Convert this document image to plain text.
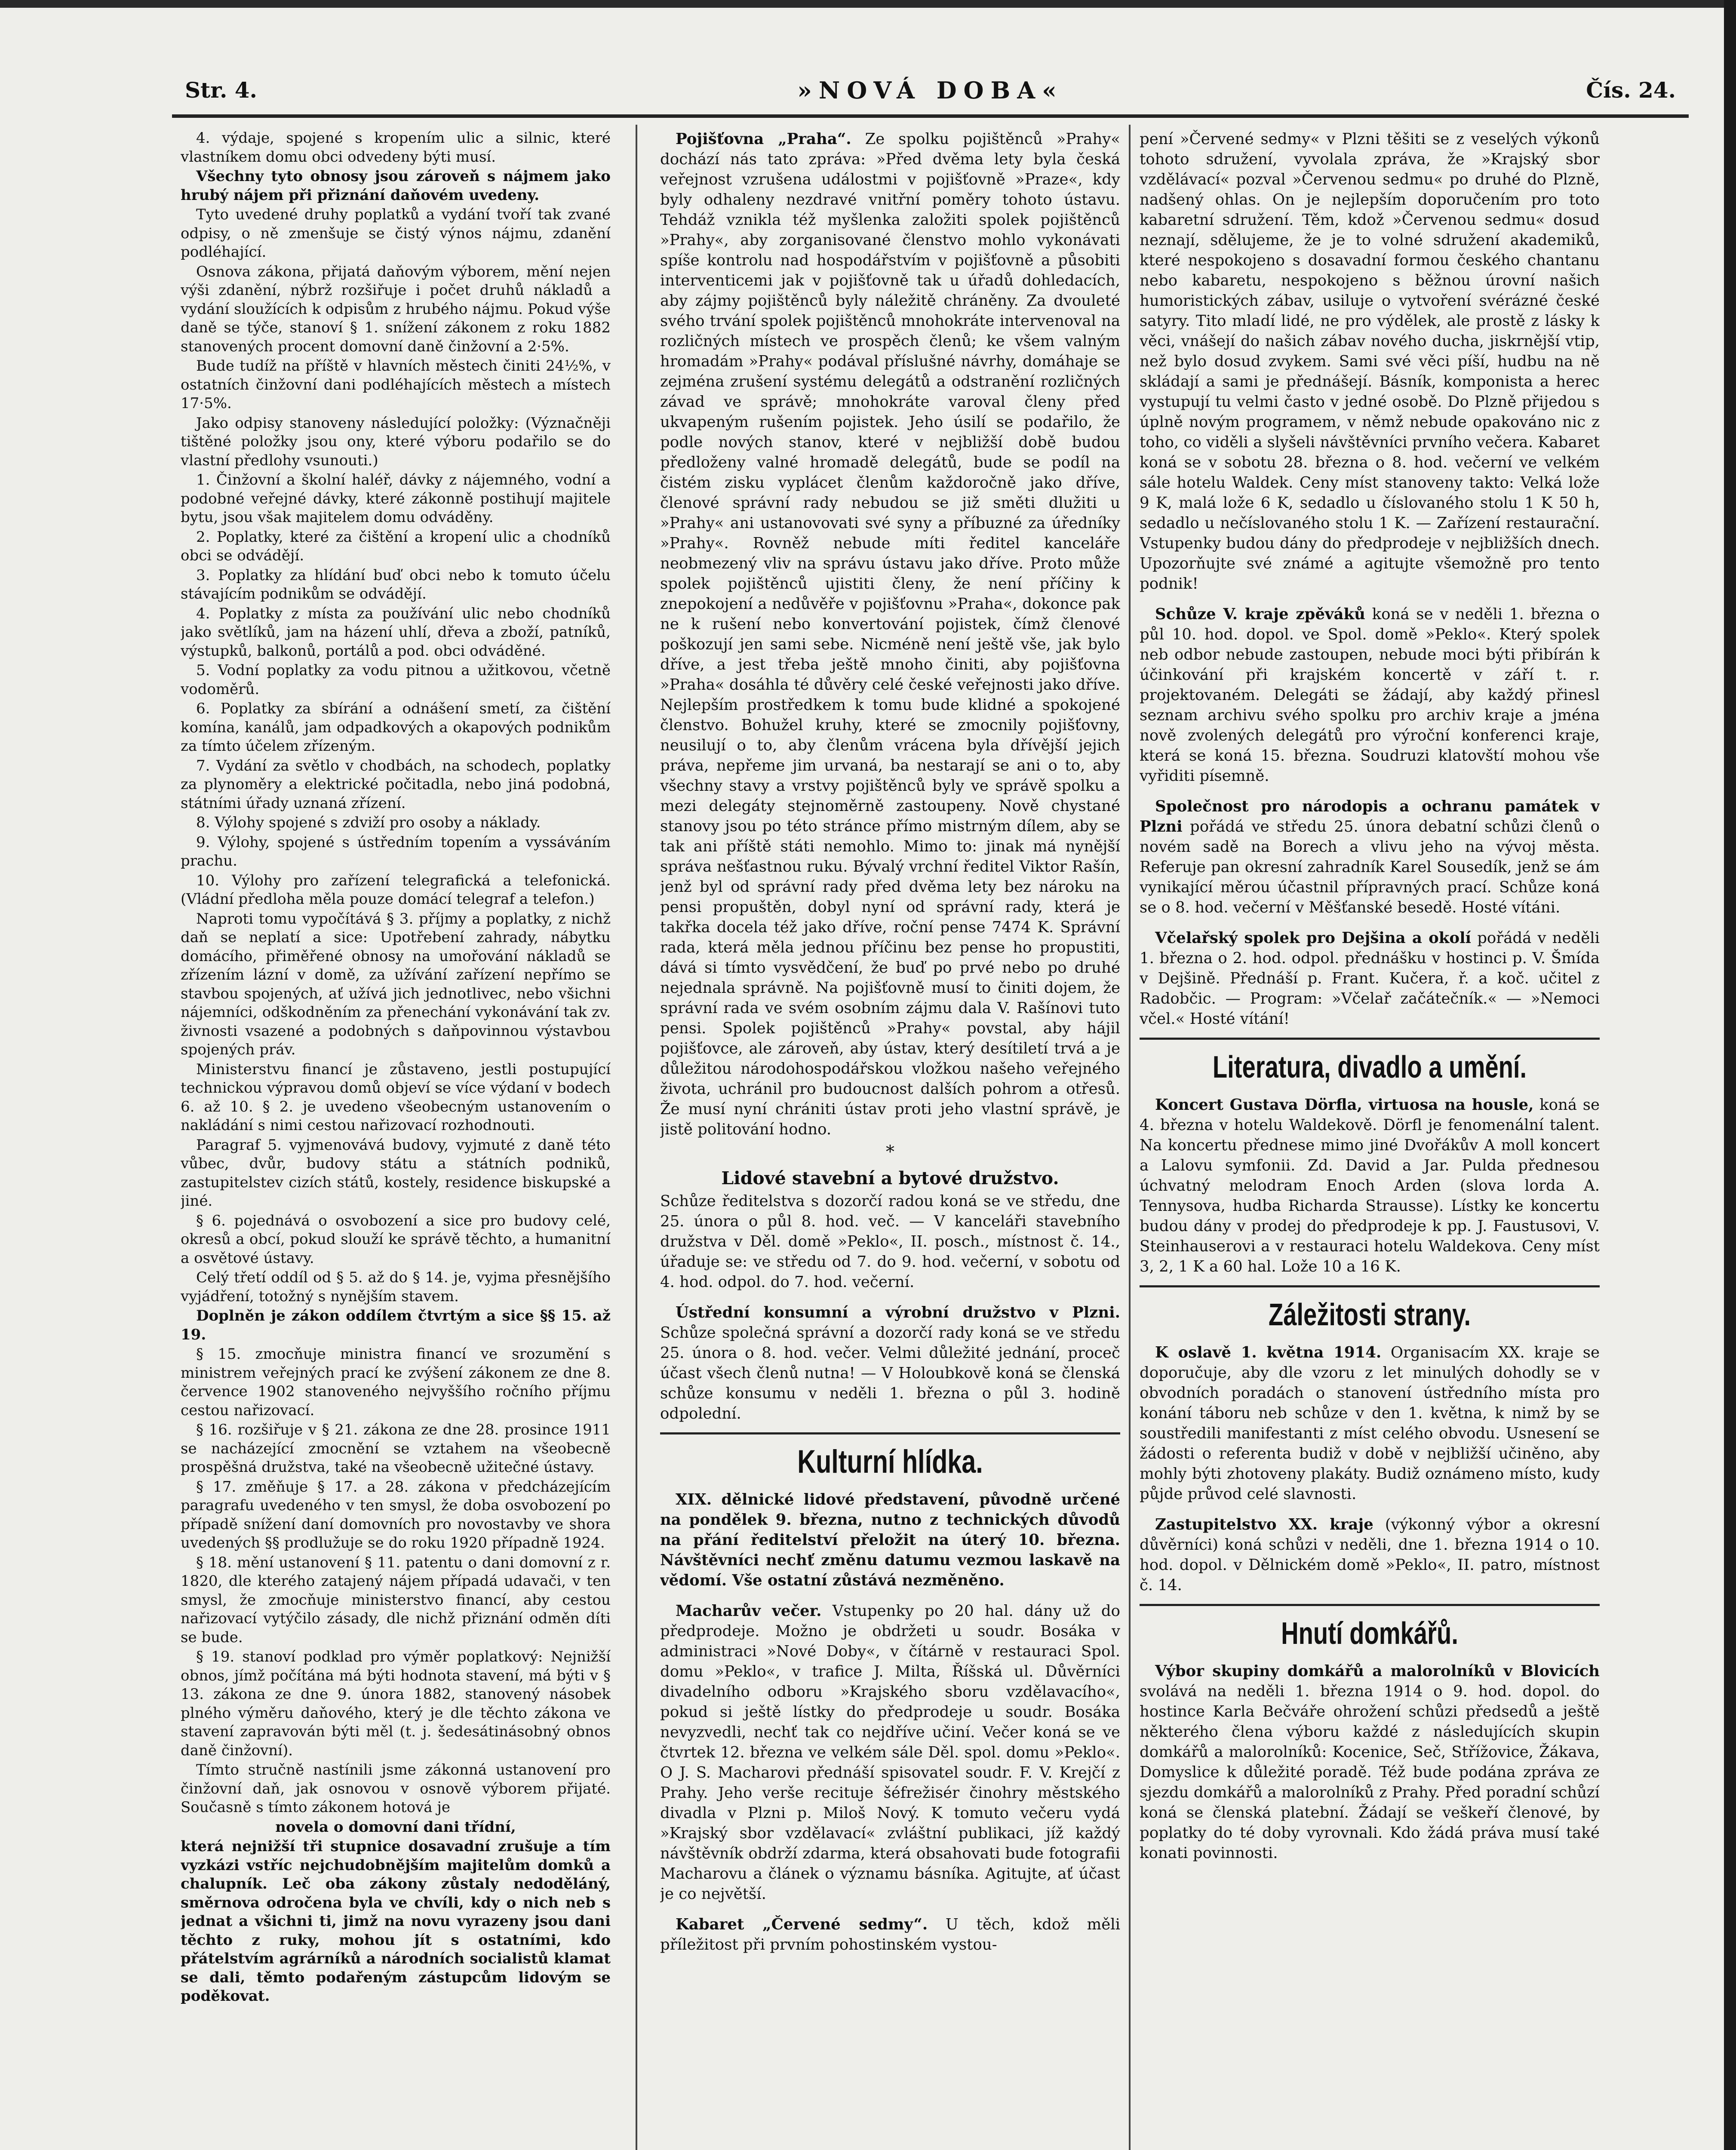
Str. 4.	»NOVÁ DOBA«	Čís. 24.

4. výdaje, spojené s kropením ulic a silnic, které vlastníkem domu obci odvedeny býti musí.

Všechny tyto obnosy jsou zároveň s nájmem jako hrubý nájem při přiznání daňovém uvedeny.

Tyto uvedené druhy poplatků a vydání tvoří tak zvané odpisy, o ně zmenšuje se čistý výnos nájmu, zdanění podléhající.

Osnova zákona, přijatá daňovým výborem, mění nejen výši zdanění, nýbrž rozšiřuje i počet druhů nákladů a vydání sloužících k odpisům z hrubého nájmu. Pokud výše daně se týče, stanoví § 1. snížení zákonem z roku 1882 stanovených procent domovní daně činžovní a 2·5%.

Bude tudíž na příště v hlavních městech činiti 24½%, v ostatních činžovní dani podléhajících městech a místech 17·5%.

Jako odpisy stanoveny následující položky: (Význačněji tištěné položky jsou ony, které výboru podařilo se do vlastní předlohy vsunouti.)

1. Činžovní a školní haléř, dávky z nájemného, vodní a podobné veřejné dávky, které zákonně postihují majitele bytu, jsou však majitelem domu odváděny.

2. Poplatky, které za čištění a kropení ulic a chodníků obci se odvádějí.

3. Poplatky za hlídání buď obci nebo k tomuto účelu stávajícím podnikům se odvádějí.

4. Poplatky z místa za používání ulic nebo chodníků jako světlíků, jam na házení uhlí, dřeva a zboží, patníků, výstupků, balkonů, portálů a pod. obci odváděné.

5. Vodní poplatky za vodu pitnou a užitkovou, včetně vodoměrů.

6. Poplatky za sbírání a odnášení smetí, za čištění komína, kanálů, jam odpadkových a okapových podnikům za tímto účelem zřízeným.

7. Vydání za světlo v chodbách, na schodech, poplatky za plynoměry a elektrické počitadla, nebo jiná podobná, státními úřady uznaná zřízení.

8. Výlohy spojené s zdviží pro osoby a náklady.

9. Výlohy, spojené s ústředním topením a vyssáváním prachu.

10. Výlohy pro zařízení telegrafická a telefonická. (Vládní předloha měla pouze domácí telegraf a telefon.)

Naproti tomu vypočítává § 3. příjmy a poplatky, z nichž daň se neplatí a sice: Upotřebení zahrady, nábytku domácího, přiměřené obnosy na umořování nákladů se zřízením lázní v domě, za užívání zařízení nepřímo se stavbou spojených, ať užívá jich jednotlivec, nebo všichni nájemníci, odškodněním za přenechání vykonávání tak zv. živnosti vsazené a podobných s daňpovinnou výstavbou spojených práv.

Ministerstvu financí je zůstaveno, jestli postupující technickou výpravou domů objeví se více výdaní v bodech 6. až 10. § 2. je uvedeno všeobecným ustanovením o nakládání s nimi cestou nařizovací rozhodnouti.

Paragraf 5. vyjmenovává budovy, vyjmuté z daně této vůbec, dvůr, budovy státu a státních podniků, zastupitelstev cizích států, kostely, residence biskupské a jiné.

§ 6. pojednává o osvobození a sice pro budovy celé, okresů a obcí, pokud slouží ke správě těchto, a humanitní a osvětové ústavy.

Celý třetí oddíl od § 5. až do § 14. je, vyjma přesnějšího vyjádření, totožný s nynějším stavem.

Doplněn je zákon oddílem čtvrtým a sice §§ 15. až 19.

§ 15. zmocňuje ministra financí ve srozumění s ministrem veřejných prací ke zvýšení zákonem ze dne 8. července 1902 stanoveného nejvyššího ročního příjmu cestou nařizovací.

§ 16. rozšiřuje v § 21. zákona ze dne 28. prosince 1911 se nacházející zmocnění se vztahem na všeobecně prospěšná družstva, také na všeobecně užitečné ústavy.

§ 17. změňuje § 17. a 28. zákona v předcházejícím paragrafu uvedeného v ten smysl, že doba osvobození po případě snížení daní domovních pro novostavby ve shora uvedených §§ prodlužuje se do roku 1920 případně 1924.

§ 18. mění ustanovení § 11. patentu o dani domovní z r. 1820, dle kterého zatajený nájem případá udavači, v ten smysl, že zmocňuje ministerstvo financí, aby cestou nařizovací vytýčilo zásady, dle nichž přiznání odměn díti se bude.

§ 19. stanoví podklad pro výměr poplatkový: Nejnižší obnos, jímž počítána má býti hodnota stavení, má býti v § 13. zákona ze dne 9. února 1882, stanovený násobek plného výměru daňového, který je dle těchto zákona ve stavení zapravován býti měl (t. j. šedesátinásobný obnos daně činžovní).

Tímto stručně nastínili jsme zákonná ustanovení pro činžovní daň, jak osnovou v osnově výborem přijaté. Současně s tímto zákonem hotová je

novela o domovní dani třídní,

která nejnižší tři stupnice dosavadní zrušuje a tím vyzkázi vstříc nejchudobnějším majitelům domků a chalupník. Leč oba zákony zůstaly nedoděláný, směrnova odročena byla ve chvíli, kdy o nich neb s jednat a všichni ti, jimž na novu vyrazeny jsou dani těchto z ruky, mohou jít s ostatními, kdo přátelstvím agrárníků a národních socialistů klamat se dali, těmto podařeným zástupcům lidovým se poděkovat.

Pojišťovna „Praha“. Ze spolku pojištěnců »Prahy« dochází nás tato zpráva: »Před dvěma lety byla česká veřejnost vzrušena událostmi v pojišťovně »Praze«, kdy byly odhaleny nezdravé vnitřní poměry tohoto ústavu. Tehdáž vznikla též myšlenka založiti spolek pojištěnců »Prahy«, aby zorganisované členstvo mohlo vykonávati spíše kontrolu nad hospodářstvím v pojišťovně a působiti interventicemi jak v pojišťovně tak u úřadů dohledacích, aby zájmy pojištěnců byly náležitě chráněny. Za dvouleté svého trvání spolek pojištěnců mnohokráte intervenoval na rozličných místech ve prospěch členů; ke všem valným hromadám »Prahy« podával příslušné návrhy, domáhaje se zejména zrušení systému delegátů a odstranění rozličných závad ve správě; mnohokráte varoval členy před ukvapeným rušením pojistek. Jeho úsilí se podařilo, že podle nových stanov, které v nejbližší době budou předloženy valné hromadě delegátů, bude se podíl na čistém zisku vyplácet členům každoročně jako dříve, členové správní rady nebudou se již směti dlužiti u »Prahy« ani ustanovovati své syny a příbuzné za úředníky »Prahy«. Rovněž nebude míti ředitel kanceláře neobmezený vliv na správu ústavu jako dříve. Proto může spolek pojištěnců ujistiti členy, že není příčiny k znepokojení a nedůvěře v pojišťovnu »Praha«, dokonce pak ne k rušení nebo konvertování pojistek, čímž členové poškozují jen sami sebe. Nicméně není ještě vše, jak bylo dříve, a jest třeba ještě mnoho činiti, aby pojišťovna »Praha« dosáhla té důvěry celé české veřejnosti jako dříve. Nejlepším prostředkem k tomu bude klidné a spokojené členstvo. Bohužel kruhy, které se zmocnily pojišťovny, neusilují o to, aby členům vrácena byla dřívější jejich práva, nepřeme jim urvaná, ba nestarají se ani o to, aby všechny stavy a vrstvy pojištěnců byly ve správě spolku a mezi delegáty stejnoměrně zastoupeny. Nově chystané stanovy jsou po této stránce přímo mistrným dílem, aby se tak ani příště státi nemohlo. Mimo to: jinak má nynější správa nešťastnou ruku. Bývalý vrchní ředitel Viktor Rašín, jenž byl od správní rady před dvěma lety bez nároku na pensi propuštěn, dobyl nyní od správní rady, která je takřka docela též jako dříve, roční pense 7474 K. Správní rada, která měla jednou příčinu bez pense ho propustiti, dává si tímto vysvědčení, že buď po prvé nebo po druhé nejednala správně. Na pojišťovně musí to činiti dojem, že správní rada ve svém osobním zájmu dala V. Rašínovi tuto pensi. Spolek pojištěnců »Prahy« povstal, aby hájil pojišťovce, ale zároveň, aby ústav, který desítiletí trvá a je důležitou národohospodářskou vložkou našeho veřejného života, uchránil pro budoucnost dalších pohrom a otřesů. Že musí nyní chrániti ústav proti jeho vlastní správě, je jistě politování hodno.

*
Lidové stavební a bytové družstvo.

Schůze ředitelstva s dozorčí radou koná se ve středu, dne 25. února o půl 8. hod. več. — V kanceláři stavebního družstva v Děl. domě »Peklo«, II. posch., místnost č. 14., úřaduje se: ve středu od 7. do 9. hod. večerní, v sobotu od 4. hod. odpol. do 7. hod. večerní.

Ústřední konsumní a výrobní družstvo v Plzni. Schůze společná správní a dozorčí rady koná se ve středu 25. února o 8. hod. večer. Velmi důležité jednání, proceč účast všech členů nutna! — V Holoubkově koná se členská schůze konsumu v neděli 1. března o půl 3. hodině odpolední.

Kulturní hlídka.

XIX. dělnické lidové představení, původně určené na pondělek 9. března, nutno z technických důvodů na přání ředitelství přeložit na úterý 10. března. Návštěvníci nechť změnu datumu vezmou laskavě na vědomí. Vše ostatní zůstává nezměněno.

Macharův večer. Vstupenky po 20 hal. dány už do předprodeje. Možno je obdržeti u soudr. Bosáka v administraci »Nové Doby«, v čítárně v restauraci Spol. domu »Peklo«, v trafice J. Milta, Říšská ul. Důvěrníci divadelního odboru »Krajského sboru vzdělavacího«, pokud si ještě lístky do předprodeje u soudr. Bosáka nevyzvedli, nechť tak co nejdříve učiní. Večer koná se ve čtvrtek 12. března ve velkém sále Děl. spol. domu »Peklo«. O J. S. Macharovi přednáší spisovatel soudr. F. V. Krejčí z Prahy. Jeho verše recituje šéfrežisér činohry městského divadla v Plzni p. Miloš Nový. K tomuto večeru vydá »Krajský sbor vzdělavací« zvláštní publikaci, jíž každý návštěvník obdrží zdarma, která obsahovati bude fotografii Macharovu a článek o významu básníka. Agitujte, ať účast je co největší.

Kabaret „Červené sedmy“. U těch, kdož měli příležitost při prvním pohostinském vystou-

pení »Červené sedmy« v Plzni těšiti se z veselých výkonů tohoto sdružení, vyvolala zpráva, že »Krajský sbor vzdělávací« pozval »Červenou sedmu« po druhé do Plzně, nadšený ohlas. On je nejlepším doporučením pro toto kabaretní sdružení. Těm, kdož »Červenou sedmu« dosud neznají, sdělujeme, že je to volné sdružení akademiků, které nespokojeno s dosavadní formou českého chantanu nebo kabaretu, nespokojeno s běžnou úrovní našich humoristických zábav, usiluje o vytvoření svérázné české satyry. Tito mladí lidé, ne pro výdělek, ale prostě z lásky k věci, vnášejí do našich zábav nového ducha, jiskrnější vtip, než bylo dosud zvykem. Sami své věci píší, hudbu na ně skládají a sami je přednášejí. Básník, komponista a herec vystupují tu velmi často v jedné osobě. Do Plzně přijedou s úplně novým programem, v němž nebude opakováno nic z toho, co viděli a slyšeli návštěvníci prvního večera. Kabaret koná se v sobotu 28. března o 8. hod. večerní ve velkém sále hotelu Waldek. Ceny míst stanoveny takto: Velká lože 9 K, malá lože 6 K, sedadlo u číslovaného stolu 1 K 50 h, sedadlo u nečíslovaného stolu 1 K. — Zařízení restaurační. Vstupenky budou dány do předprodeje v nejbližších dnech. Upozorňujte své známé a agitujte všemožně pro tento podnik!

Schůze V. kraje zpěváků koná se v neděli 1. března o půl 10. hod. dopol. ve Spol. domě »Peklo«. Který spolek neb odbor nebude zastoupen, nebude moci býti přibírán k účinkování při krajském koncertě v září t. r. projektovaném. Delegáti se žádají, aby každý přinesl seznam archivu svého spolku pro archiv kraje a jména nově zvolených delegátů pro výroční konferenci kraje, která se koná 15. března. Soudruzi klatovští mohou vše vyřiditi písemně.

Společnost pro národopis a ochranu památek v Plzni pořádá ve středu 25. února debatní schůzi členů o novém sadě na Borech a vlivu jeho na vývoj města. Referuje pan okresní zahradník Karel Sousedík, jenž se ám vynikající měrou účastnil přípravných prací. Schůze koná se o 8. hod. večerní v Měšťanské besedě. Hosté vítáni.

Včelařský spolek pro Dejšina a okolí pořádá v neděli 1. března o 2. hod. odpol. přednášku v hostinci p. V. Šmída v Dejšině. Přednáší p. Frant. Kučera, ř. a koč. učitel z Radobčic. — Program: »Včelař začátečník.« — »Nemoci včel.« Hosté vítání!

Literatura, divadlo a umění.

Koncert Gustava Dörfla, virtuosa na housle, koná se 4. března v hotelu Waldekově. Dörfl je fenomenální talent. Na koncertu přednese mimo jiné Dvořákův A moll koncert a Lalovu symfonii. Zd. David a Jar. Pulda přednesou úchvatný melodram Enoch Arden (slova lorda A. Tennysova, hudba Richarda Strausse). Lístky ke koncertu budou dány v prodej do předprodeje k pp. J. Faustusovi, V. Steinhauserovi a v restauraci hotelu Waldekova. Ceny míst 3, 2, 1 K a 60 hal. Lože 10 a 16 K.

Záležitosti strany.

K oslavě 1. května 1914. Organisacím XX. kraje se doporučuje, aby dle vzoru z let minulých dohodly se v obvodních poradách o stanovení ústředního místa pro konání táboru neb schůze v den 1. května, k nimž by se soustředili manifestanti z míst celého obvodu. Usnesení se žádosti o referenta budiž v době v nejbližší učiněno, aby mohly býti zhotoveny plakáty. Budiž oznámeno místo, kudy půjde průvod celé slavnosti.

Zastupitelstvo XX. kraje (výkonný výbor a okresní důvěrníci) koná schůzi v neděli, dne 1. března 1914 o 10. hod. dopol. v Dělnickém domě »Peklo«, II. patro, místnost č. 14.

Hnutí domkářů.

Výbor skupiny domkářů a malorolníků v Blovicích svolává na neděli 1. března 1914 o 9. hod. dopol. do hostince Karla Bečváře ohrožení schůzi předsedů a ještě některého člena výboru každé z následujících skupin domkářů a malorolníků: Kocenice, Seč, Střížovice, Žákava, Domyslice k důležité poradě. Též bude podána zpráva ze sjezdu domkářů a malorolníků z Prahy. Před poradní schůzí koná se členská platební. Žádají se veškeří členové, by poplatky do té doby vyrovnali. Kdo žádá práva musí také konati povinnosti.
